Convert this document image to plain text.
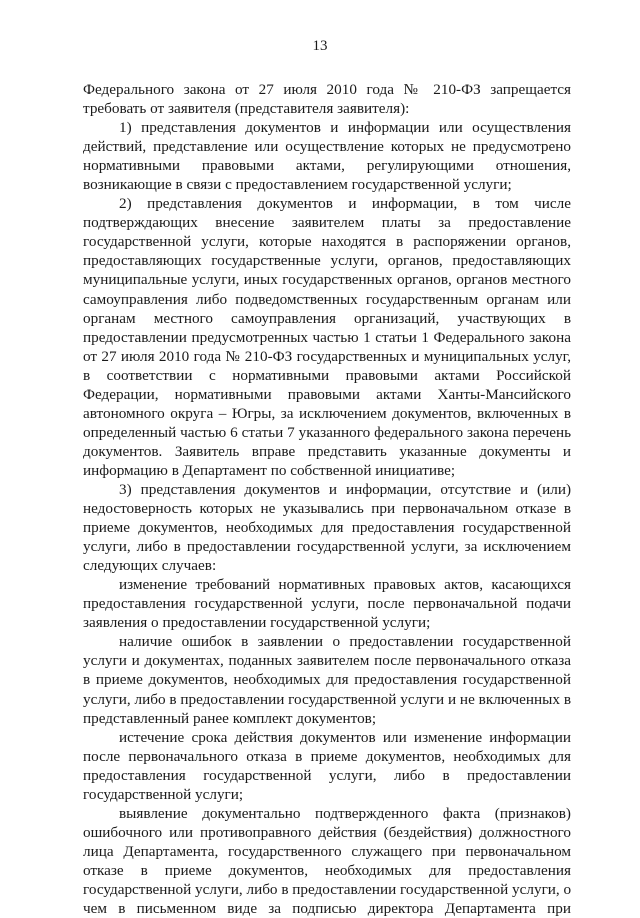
13
Федерального закона от 27 июля 2010 года № 210-ФЗ запрещается
требовать от заявителя (представителя заявителя):
1) представления документов и информации или осуществления
действий, представление или осуществление которых не предусмотрено
нормативными правовыми актами, регулирующими отношения,
возникающие в связи с предоставлением государственной услуги;
2) представления документов и информации, в том числе
подтверждающих внесение заявителем платы за предоставление
государственной услуги, которые находятся в распоряжении органов,
предоставляющих государственные услуги, органов, предоставляющих
муниципальные услуги, иных государственных органов, органов местного
самоуправления либо подведомственных государственным органам или
органам местного самоуправления организаций, участвующих в
предоставлении предусмотренных частью 1 статьи 1 Федерального закона
от 27 июля 2010 года № 210-ФЗ государственных и муниципальных услуг,
в соответствии с нормативными правовыми актами Российской
Федерации, нормативными правовыми актами Ханты-Мансийского
автономного округа – Югры, за исключением документов, включенных в
определенный частью 6 статьи 7 указанного федерального закона перечень
документов. Заявитель вправе представить указанные документы и
информацию в Департамент по собственной инициативе;
3) представления документов и информации, отсутствие и (или)
недостоверность которых не указывались при первоначальном отказе в
приеме документов, необходимых для предоставления государственной
услуги, либо в предоставлении государственной услуги, за исключением
следующих случаев:
изменение требований нормативных правовых актов, касающихся
предоставления государственной услуги, после первоначальной подачи
заявления о предоставлении государственной услуги;
наличие ошибок в заявлении о предоставлении государственной
услуги и документах, поданных заявителем после первоначального отказа
в приеме документов, необходимых для предоставления государственной
услуги, либо в предоставлении государственной услуги и не включенных в
представленный ранее комплект документов;
истечение срока действия документов или изменение информации
после первоначального отказа в приеме документов, необходимых для
предоставления государственной услуги, либо в предоставлении
государственной услуги;
выявление документально подтвержденного факта (признаков)
ошибочного или противоправного действия (бездействия) должностного
лица Департамента, государственного служащего при первоначальном
отказе в приеме документов, необходимых для предоставления
государственной услуги, либо в предоставлении государственной услуги, о
чем в письменном виде за подписью директора Департамента при
